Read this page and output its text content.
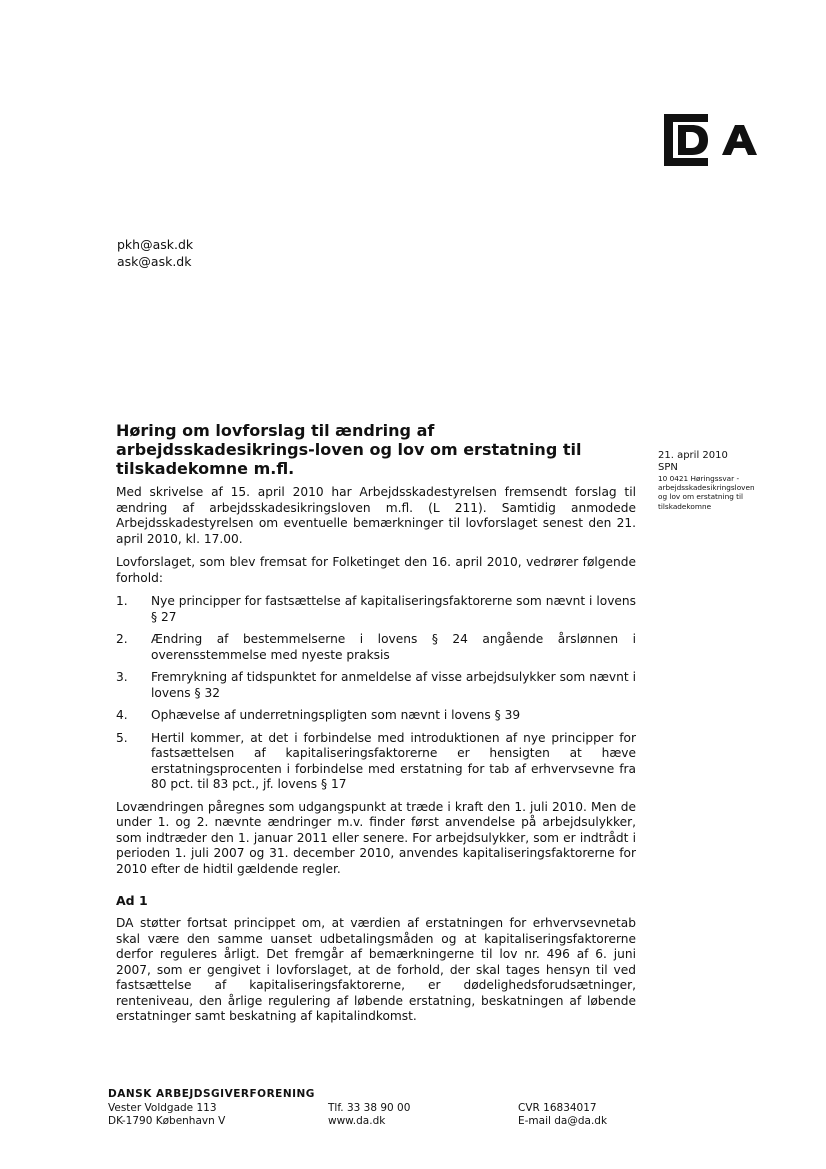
pkh@ask.dk
ask@ask.dk
21. april 2010
SPN
10 0421 Høringssvar -
arbejdsskadesikringsloven
og lov om erstatning til
tilskadekomne
Høring om lovforslag til ændring af arbejdsskadesikrings-loven og lov om erstatning til tilskadekomne m.fl.

Med skrivelse af 15. april 2010 har Arbejdsskadestyrelsen fremsendt forslag til ændring af arbejdsskadesikringsloven m.fl. (L 211). Samtidig anmodede Arbejdsskadestyrelsen om eventuelle bemærkninger til lovforslaget senest den 21. april 2010, kl. 17.00.

Lovforslaget, som blev fremsat for Folketinget den 16. april 2010, vedrører følgende forhold:

1.	Nye principper for fastsættelse af kapitaliseringsfaktorerne som nævnt i lovens § 27
2.	Ændring af bestemmelserne i lovens § 24 angående årslønnen i overensstemmelse med nyeste praksis
3.	Fremrykning af tidspunktet for anmeldelse af visse arbejdsulykker som nævnt i lovens § 32
4.	Ophævelse af underretningspligten som nævnt i lovens § 39
5.	Hertil kommer, at det i forbindelse med introduktionen af nye principper for fastsættelsen af kapitaliseringsfaktorerne er hensigten at hæve erstatningsprocenten i forbindelse med erstatning for tab af erhvervsevne fra 80 pct. til 83 pct., jf. lovens § 17

Lovændringen påregnes som udgangspunkt at træde i kraft den 1. juli 2010. Men de under 1. og 2. nævnte ændringer m.v. finder først anvendelse på arbejdsulykker, som indtræder den 1. januar 2011 eller senere. For arbejdsulykker, som er indtrådt i perioden 1. juli 2007 og 31. december 2010, anvendes kapitaliseringsfaktorerne for 2010 efter de hidtil gældende regler.

Ad 1

DA støtter fortsat princippet om, at værdien af erstatningen for erhvervsevnetab skal være den samme uanset udbetalingsmåden og at kapitaliseringsfaktorerne derfor reguleres årligt. Det fremgår af bemærkningerne til lov nr. 496 af 6. juni 2007, som er gengivet i lovforslaget, at de forhold, der skal tages hensyn til ved fastsættelse af kapitaliseringsfaktorerne, er dødelighedsforudsætninger, renteniveau, den årlige regulering af løbende erstatning, beskatningen af løbende erstatninger samt beskatning af kapitalindkomst.

DANSK ARBEJDSGIVERFORENING
Vester Voldgade 113
DK-1790 København V
Tlf. 33 38 90 00
www.da.dk
CVR 16834017
E-mail da@da.dk
